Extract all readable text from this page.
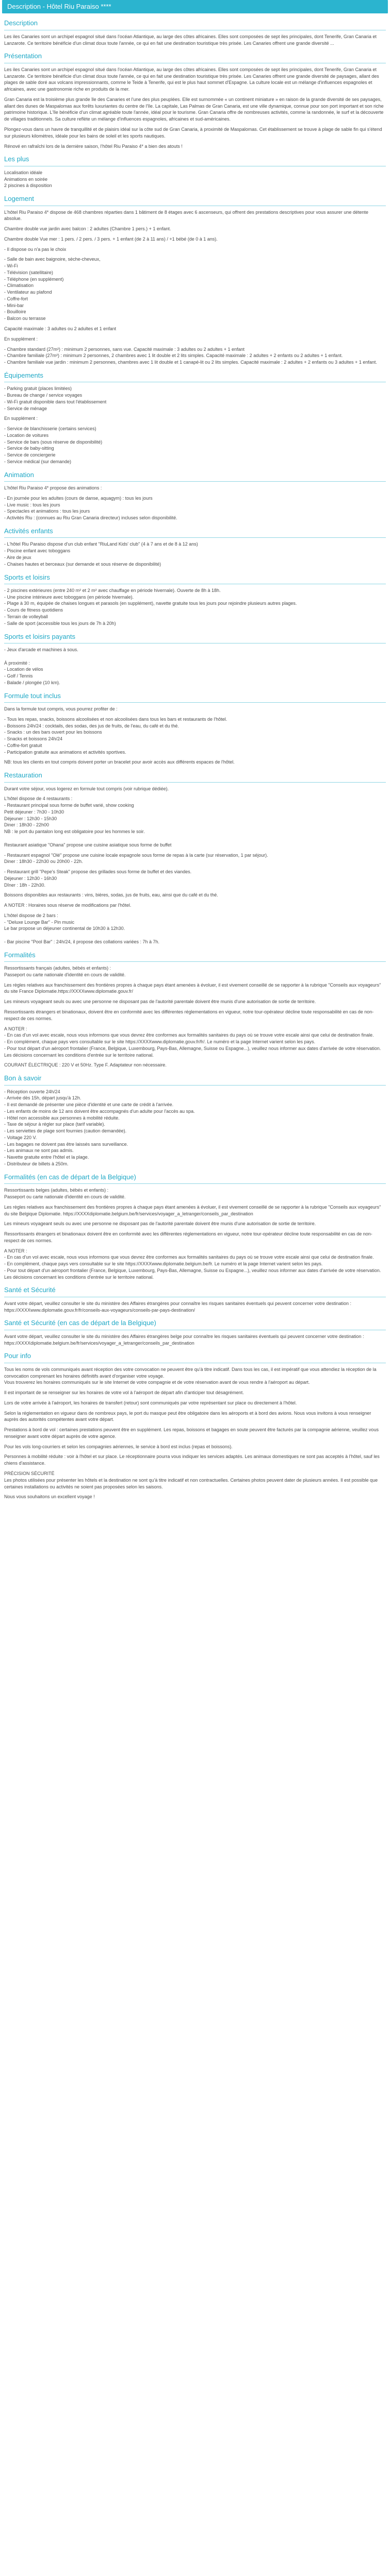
Description - Hôtel Riu Paraiso ****
Description

Les iles Canaries sont un archipel espagnol situé dans l'océan Atlantique, au large des côtes africaines. Elles sont composées de sept iles principales, dont Tenerife, Gran Canaria et Lanzarote. Ce territoire bénéficie d'un climat doux toute l'année, ce qui en fait une destination touristique très prisée. Les Canaries offrent une grande diversité ...

Présentation

Les iles Canaries sont un archipel espagnol situé dans l'océan Atlantique, au large des côtes africaines. Elles sont composées de sept iles principales, dont Tenerife, Gran Canaria et Lanzarote. Ce territoire bénéficie d'un climat doux toute l'année, ce qui en fait une destination touristique très prisée. Les Canaries offrent une grande diversité de paysages, allant des plages de sable doré aux volcans impressionnants, comme le Teide à Tenerife, qui est le plus haut sommet d'Espagne. La culture locale est un mélange d'influences espagnoles et africaines, avec une gastronomie riche en produits de la mer.

Gran Canaria est la troisième plus grande île des Canaries et l'une des plus peuplées. Elle est surnommée « un continent miniature » en raison de la grande diversité de ses paysages, allant des dunes de Maspalomas aux forêts luxuriantes du centre de l'île. La capitale, Las Palmas de Gran Canaria, est une ville dynamique, connue pour son port important et son riche patrimoine historique. L'île bénéficie d'un climat agréable toute l'année, idéal pour le tourisme. Gran Canaria offre de nombreuses activités, comme la randonnée, le surf et la découverte de villages traditionnels. Sa culture reflète un mélange d'influences espagnoles, africaines et sud-américaines.

Plongez-vous dans un havre de tranquillité et de plaisirs idéal sur la côte sud de Gran Canaria, à proximité de Maspalomas. Cet établissement se trouve à plage de sable fin qui s'étend sur plusieurs kilomètres, idéale pour les bains de soleil et les sports nautiques.

Rénové en rafraîchi lors de la dernière saison, l'hôtel Riu Paraiso 4* a bien des atouts !

Les plus

Localisation idéale
Animations en soirée
2 piscines à disposition

Logement

L'hôtel Riu Paraiso 4* dispose de 468 chambres réparties dans 1 bâtiment de 8 étages avec 6 ascenseurs, qui offrent des prestations descriptives pour vous assurer une détente absolue.

Chambre double vue jardin avec balcon : 2 adultes (Chambre 1 pers.) + 1 enfant.

Chambre double Vue mer : 1 pers. / 2 pers. / 3 pers. + 1 enfant (de 2 à 11 ans) / +1 bébé (de 0 à 1 ans).

- Il dispose ou n'a pas le choix

- Salle de bain avec baignoire, sèche-cheveux,
- Wi-Fi
- Télévision (satellitaire)
- Téléphone (en supplément)
- Climatisation
- Ventilateur au plafond
- Coffre-fort
- Mini-bar
- Bouilloire
- Balcon ou terrasse

Capacité maximale : 3 adultes ou 2 adultes et 1 enfant

En supplément :

- Chambre standard (27m²) : minimum 2 personnes, sans vue. Capacité maximale : 3 adultes ou 2 adultes + 1 enfant
- Chambre familiale (27m²) : minimum 2 personnes, 2 chambres avec 1 lit double et 2 lits simples. Capacité maximale : 2 adultes + 2 enfants ou 2 adultes + 1 enfant.
- Chambre familiale vue jardin : minimum 2 personnes, chambres avec 1 lit double et 1 canapé-lit ou 2 lits simples. Capacité maximale : 2 adultes + 2 enfants ou 3 adultes + 1 enfant.

Équipements

- Parking gratuit (places limitées)
- Bureau de change / service voyages
- Wi-Fi gratuit disponible dans tout l'établissement
- Service de ménage

En supplément :

- Service de blanchisserie (certains services)
- Location de voitures
- Service de bars (sous réserve de disponibilité)
- Service de baby-sitting
- Service de conciergerie
- Service médical (sur demande)

Animation

L'hôtel Riu Paraiso 4* propose des animations :

- En journée pour les adultes (cours de danse, aquagym) : tous les jours
- Live music : tous les jours
- Spectacles et animations : tous les jours
- Activités Riu : (connues au Riu Gran Canaria directeur) incluses selon disponibilité.

Activités enfants

- L'hôtel Riu Paraiso dispose d'un club enfant "RiuLand Kids' club" (4 à 7 ans et de 8 à 12 ans)
- Piscine enfant avec toboggans
- Aire de jeux
- Chaises hautes et berceaux (sur demande et sous réserve de disponibilité)

Sports et loisirs

- 2 piscines extérieures (entre 240 m² et 2 m² avec chauffage en période hivernale). Ouverte de 8h à 18h.
- Une piscine intérieure avec toboggans (en période hivernale).
- Plage à 30 m, équipée de chaises longues et parasols (en supplément), navette gratuite tous les jours pour rejoindre plusieurs autres plages.
- Cours de fitness quotidiens
- Terrain de volleyball
- Salle de sport (accessible tous les jours de 7h à 20h)

Sports et loisirs payants

- Jeux d'arcade et machines à sous.

À proximité :
- Location de vélos
- Golf / Tennis
- Balade / plongée (10 km).

Formule tout inclus

Dans la formule tout compris, vous pourrez profiter de :

- Tous les repas, snacks, boissons alcoolisées et non alcoolisées dans tous les bars et restaurants de l'hôtel.
- Boissons 24h/24 : cocktails, des sodas, des jus de fruits, de l'eau, du café et du thé.
- Snacks : un des bars ouvert pour les boissons
- Snacks et boissons 24h/24
- Coffre-fort gratuit
- Participation gratuite aux animations et activités sportives.

NB: tous les clients en tout compris doivent porter un bracelet pour avoir accès aux différents espaces de l'hôtel.

Restauration

Durant votre séjour, vous logerez en formule tout compris (voir rubrique dédiée).

L'hôtel dispose de 4 restaurants :
- Restaurant principal sous forme de buffet varié, show cooking
Petit déjeuner : 7h30 - 10h30
Déjeuner : 12h30 - 15h30
Diner : 18h30 - 22h00
NB : le port du pantalon long est obligatoire pour les hommes le soir.

Restaurant asiatique "Ohana" propose une cuisine asiatique sous forme de buffet

- Restaurant espagnol "Olé" propose une cuisine locale espagnole sous forme de repas à la carte (sur réservation, 1 par séjour).
Diner : 18h30 - 22h30 ou 20h00 - 22h.

- Restaurant grill "Pepe's Steak" propose des grillades sous forme de buffet et des viandes.
Déjeuner : 12h30 - 16h30
Dîner : 18h - 22h30.

Boissons disponibles aux restaurants : vins, bières, sodas, jus de fruits, eau, ainsi que du café et du thé.

A NOTER : Horaires sous réserve de modifications par l'hôtel.

L'hôtel dispose de 2 bars :
- "Deluxe Lounge Bar" - Pin music
Le bar propose un déjeuner continental de 10h30 à 12h30.

- Bar piscine "Pool Bar" : 24h/24, il propose des collations variées : 7h à 7h.

Formalités

Ressortissants français (adultes, bébés et enfants) :
Passeport ou carte nationale d'identité en cours de validité.

Les règles relatives aux franchissement des frontières propres à chaque pays étant amenées à évoluer, il est vivement conseillé de se rapporter à la rubrique "Conseils aux voyageurs" du site France Diplomatie.https://XXXXwww.diplomatie.gouv.fr/

Les mineurs voyageant seuls ou avec une personne ne disposant pas de l'autorité parentale doivent être munis d'une autorisation de sortie de territoire.

Ressortissants étrangers et binationaux, doivent être en conformité avec les différentes réglementations en vigueur, notre tour-opérateur décline toute responsabilité en cas de non-respect de ces normes.

A NOTER :
- En cas d'un vol avec escale, nous vous informons que vous devrez être conformes aux formalités sanitaires du pays où se trouve votre escale ainsi que celui de destination finale.
- En complément, chaque pays vers consultable sur le site https://XXXXwww.diplomatie.gouv.fr/fr/. Le numéro et la page Internet varient selon les pays.
- Pour tout départ d'un aéroport frontalier (France, Belgique, Luxembourg, Pays-Bas, Allemagne, Suisse ou Espagne...), veuillez nous informer aux dates d'arrivée de votre réservation. Les décisions concernant les conditions d'entrée sur le territoire national.

COURANT ÉLECTRIQUE : 220 V et 50Hz. Type F. Adaptateur non nécessaire.

Bon à savoir

- Réception ouverte 24h/24
- Arrivée dès 15h, départ jusqu'à 12h.
- Il est demandé de présenter une pièce d'identité et une carte de crédit à l'arrivée.
- Les enfants de moins de 12 ans doivent être accompagnés d'un adulte pour l'accès au spa.
- Hôtel non accessible aux personnes à mobilité réduite.
- Taxe de séjour à régler sur place (tarif variable).
- Les serviettes de plage sont fournies (caution demandée).
- Voltage 220 V.
- Les bagages ne doivent pas être laissés sans surveillance.
- Les animaux ne sont pas admis.
- Navette gratuite entre l'hôtel et la plage.
- Distributeur de billets à 250m.

Formalités (en cas de départ de la Belgique)

Ressortissants belges (adultes, bébés et enfants) :
Passeport ou carte nationale d'identité en cours de validité.

Les règles relatives aux franchissement des frontières propres à chaque pays étant amenées à évoluer, il est vivement conseillé de se rapporter à la rubrique "Conseils aux voyageurs" du site Belgique Diplomatie. https://XXXXdiplomatie.belgium.be/fr/services/voyager_a_letranger/conseils_par_destination

Les mineurs voyageant seuls ou avec une personne ne disposant pas de l'autorité parentale doivent être munis d'une autorisation de sortie de territoire.

Ressortissants étrangers et binationaux doivent être en conformité avec les différentes réglementations en vigueur, notre tour-opérateur décline toute responsabilité en cas de non-respect de ces normes.

A NOTER :
- En cas d'un vol avec escale, nous vous informons que vous devrez être conformes aux formalités sanitaires du pays où se trouve votre escale ainsi que celui de destination finale.
- En complément, chaque pays vers consultable sur le site https://XXXXwww.diplomatie.belgium.be/fr. Le numéro et la page Internet varient selon les pays.
- Pour tout départ d'un aéroport frontalier (France, Belgique, Luxembourg, Pays-Bas, Allemagne, Suisse ou Espagne...), veuillez nous informer aux dates d'arrivée de votre réservation. Les décisions concernant les conditions d'entrée sur le territoire national.

Santé et Sécurité

Avant votre départ, veuillez consulter le site du ministère des Affaires étrangères pour connaître les risques sanitaires éventuels qui peuvent concerner votre destination : https://XXXXwww.diplomatie.gouv.fr/fr/conseils-aux-voyageurs/conseils-par-pays-destination/

Santé et Sécurité (en cas de départ de la Belgique)

Avant votre départ, veuillez consulter le site du ministère des Affaires étrangères belge pour connaître les risques sanitaires éventuels qui peuvent concerner votre destination : https://XXXXdiplomatie.belgium.be/fr/services/voyager_a_letranger/conseils_par_destination

Pour info

Tous les noms de vols communiqués avant réception des votre convocation ne peuvent être qu'à titre indicatif. Dans tous les cas, il est impératif que vous attendiez la réception de la convocation comprenant les horaires définitifs avant d'organiser votre voyage.
Vous trouverez les horaires communiqués sur le site Internet de votre compagnie et de votre réservation avant de vous rendre à l'aéroport au départ.

Il est important de se renseigner sur les horaires de votre vol à l'aéroport de départ afin d'anticiper tout désagrément.

Lors de votre arrivée à l'aéroport, les horaires de transfert (retour) sont communiqués par votre représentant sur place ou directement à l'hôtel.

Selon la réglementation en vigueur dans de nombreux pays, le port du masque peut être obligatoire dans les aéroports et à bord des avions. Nous vous invitons à vous renseigner auprès des autorités compétentes avant votre départ.

Prestations à bord de vol : certaines prestations peuvent être en supplément. Les repas, boissons et bagages en soute peuvent être facturés par la compagnie aérienne, veuillez vous renseigner avant votre départ auprès de votre agence.

Pour les vols long-courriers et selon les compagnies aériennes, le service à bord est inclus (repas et boissons).

Personnes à mobilité réduite : voir à l'hôtel et sur place. Le réceptionnaire pourra vous indiquer les services adaptés. Les animaux domestiques ne sont pas acceptés à l'hôtel, sauf les chiens d'assistance.

PRÉCISION SÉCURITÉ
Les photos utilisées pour présenter les hôtels et la destination ne sont qu'à titre indicatif et non contractuelles. Certaines photos peuvent dater de plusieurs années. Il est possible que certaines installations ou activités ne soient pas proposées selon les saisons.

Nous vous souhaitons un excellent voyage !
